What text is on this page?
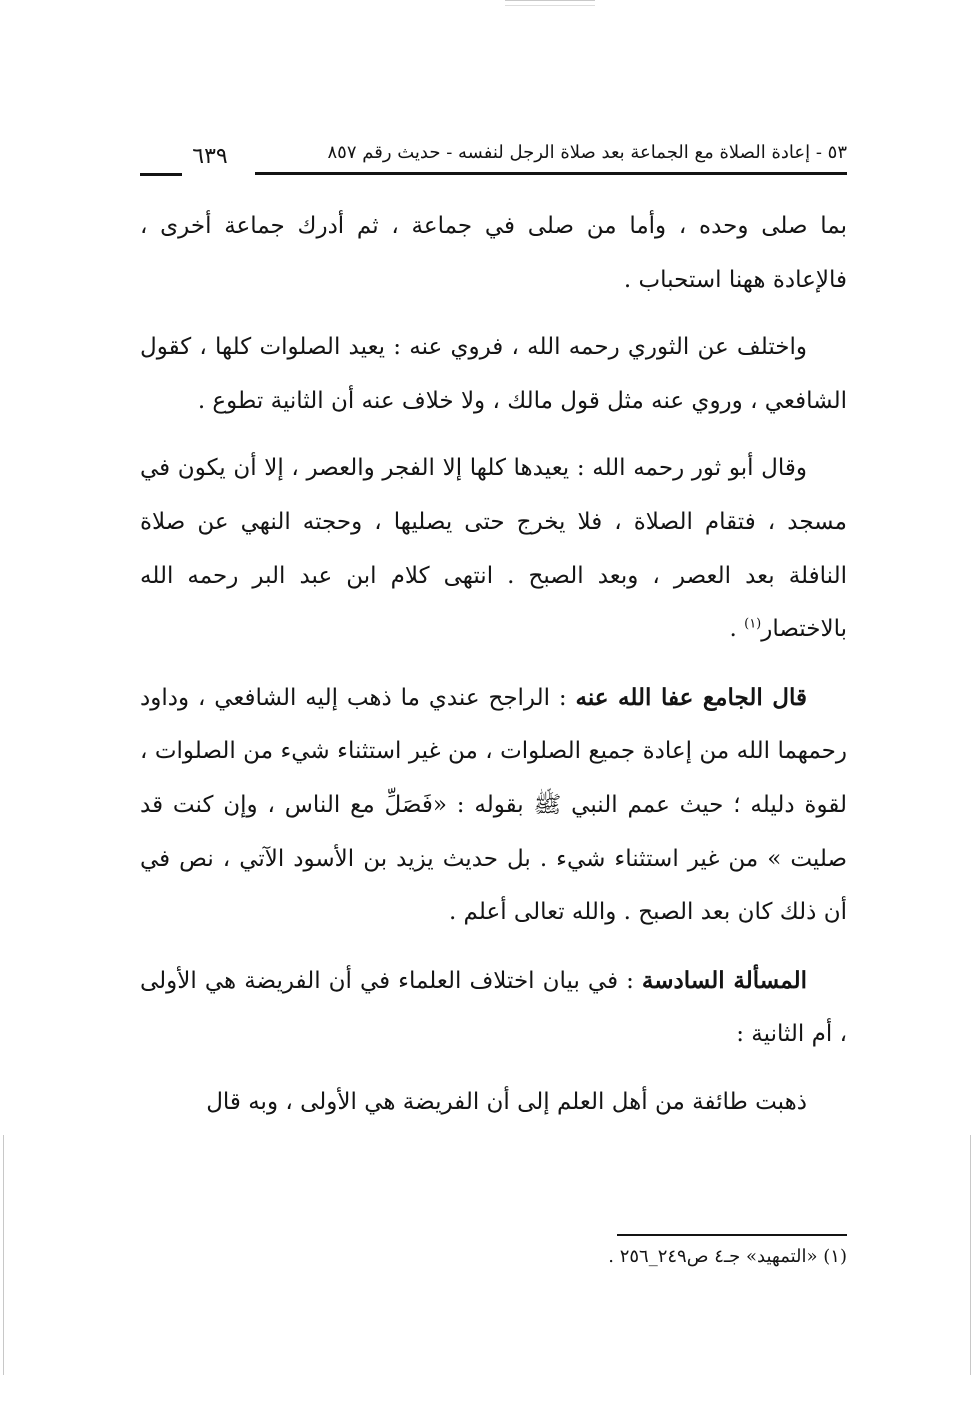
٦٣٩	٥٣ - إعادة الصلاة مع الجماعة بعد صلاة الرجل لنفسه - حديث رقم ٨٥٧

بما صلى وحده ، وأما من صلى في جماعة ، ثم أدرك جماعة أخرى ، فالإعادة ههنا استحباب .

واختلف عن الثوري رحمه الله ، فروي عنه : يعيد الصلوات كلها ، كقول الشافعي ، وروي عنه مثل قول مالك ، ولا خلاف عنه أن الثانية تطوع .

وقال أبو ثور رحمه الله : يعيدها كلها إلا الفجر والعصر ، إلا أن يكون في مسجد ، فتقام الصلاة ، فلا يخرج حتى يصليها ، وحجته النهي عن صلاة النافلة بعد العصر ، وبعد الصبح . انتهى كلام ابن عبد البر رحمه الله بالاختصار$^{(١)}$ .

قال الجامع عفا الله عنه : الراجح عندي ما ذهب إليه الشافعي ، وداود رحمهما الله من إعادة جميع الصلوات ، من غير استثناء شيء من الصلوات ، لقوة دليله ؛ حيث عمم النبي ﷺ بقوله : «فَصَلِّ مع الناس ، وإن كنت قد صليت » من غير استثناء شيء . بل حديث يزيد بن الأسود الآتي ، نص في أن ذلك كان بعد الصبح . والله تعالى أعلم .

المسألة السادسة : في بيان اختلاف العلماء في أن الفريضة هي الأولى ، أم الثانية :

ذهبت طائفة من أهل العلم إلى أن الفريضة هي الأولى ، وبه قال

(١) «التمهيد» جـ٤ ص٢٤٩_٢٥٦ .
